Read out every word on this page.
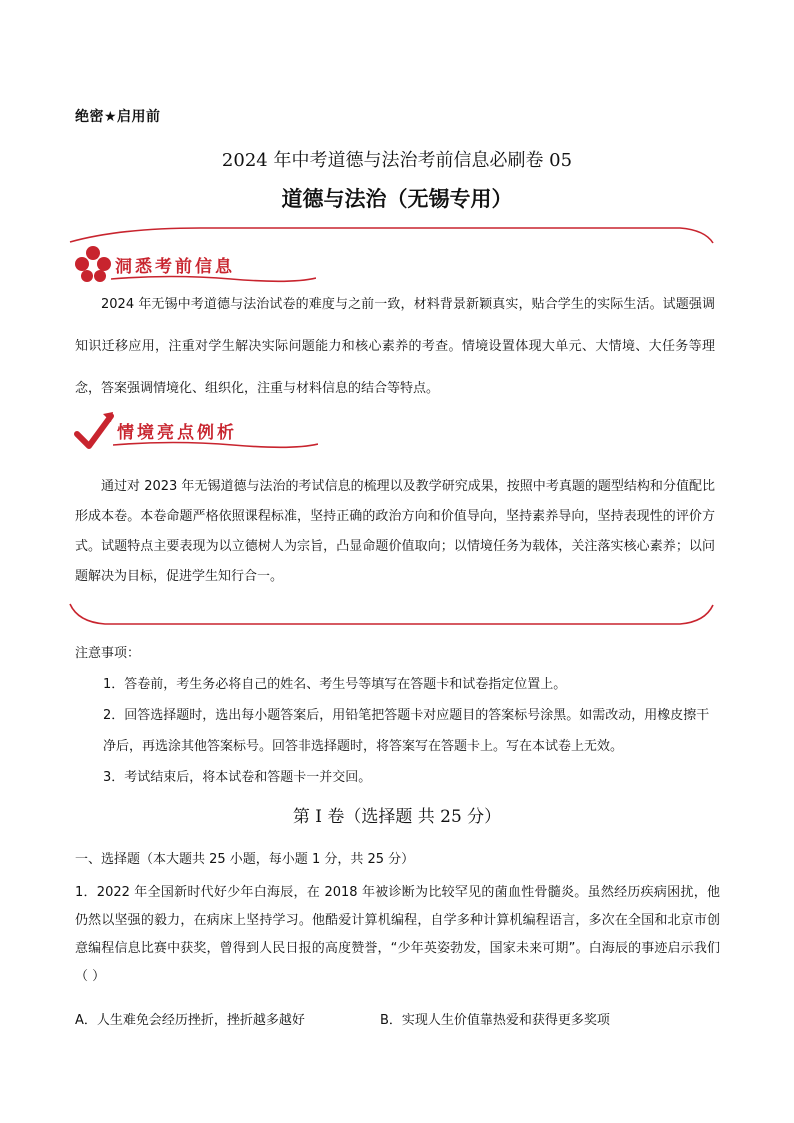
绝密★启用前
2024 年中考道德与法治考前信息必刷卷 05
道德与法治（无锡专用）
洞悉考前信息
2024 年无锡中考道德与法治试卷的难度与之前一致，材料背景新颖真实，贴合学生的实际生活。试题强调知识迁移应用，注重对学生解决实际问题能力和核心素养的考查。情境设置体现大单元、大情境、大任务等理念，答案强调情境化、组织化，注重与材料信息的结合等特点。
情境亮点例析
通过对 2023 年无锡道德与法治的考试信息的梳理以及教学研究成果，按照中考真题的题型结构和分值配比形成本卷。本卷命题严格依照课程标准，坚持正确的政治方向和价值导向，坚持素养导向，坚持表现性的评价方式。试题特点主要表现为以立德树人为宗旨，凸显命题价值取向；以情境任务为载体，关注落实核心素养；以问题解决为目标，促进学生知行合一。
注意事项：
1．答卷前，考生务必将自己的姓名、考生号等填写在答题卡和试卷指定位置上。
2．回答选择题时，选出每小题答案后，用铅笔把答题卡对应题目的答案标号涂黑。如需改动，用橡皮擦干净后，再选涂其他答案标号。回答非选择题时，将答案写在答题卡上。写在本试卷上无效。
3．考试结束后，将本试卷和答题卡一并交回。
第 I 卷（选择题 共 25 分）
一、选择题（本大题共 25 小题，每小题 1 分，共 25 分）
1．2022 年全国新时代好少年白海辰，在 2018 年被诊断为比较罕见的菌血性骨髓炎。虽然经历疾病困扰，他仍然以坚强的毅力，在病床上坚持学习。他酷爱计算机编程，自学多种计算机编程语言，多次在全国和北京市创意编程信息比赛中获奖，曾得到人民日报的高度赞誉，“少年英姿勃发，国家未来可期”。白海辰的事迹启示我们（ ）
A．人生难免会经历挫折，挫折越多越好	B．实现人生价值靠热爱和获得更多奖项
